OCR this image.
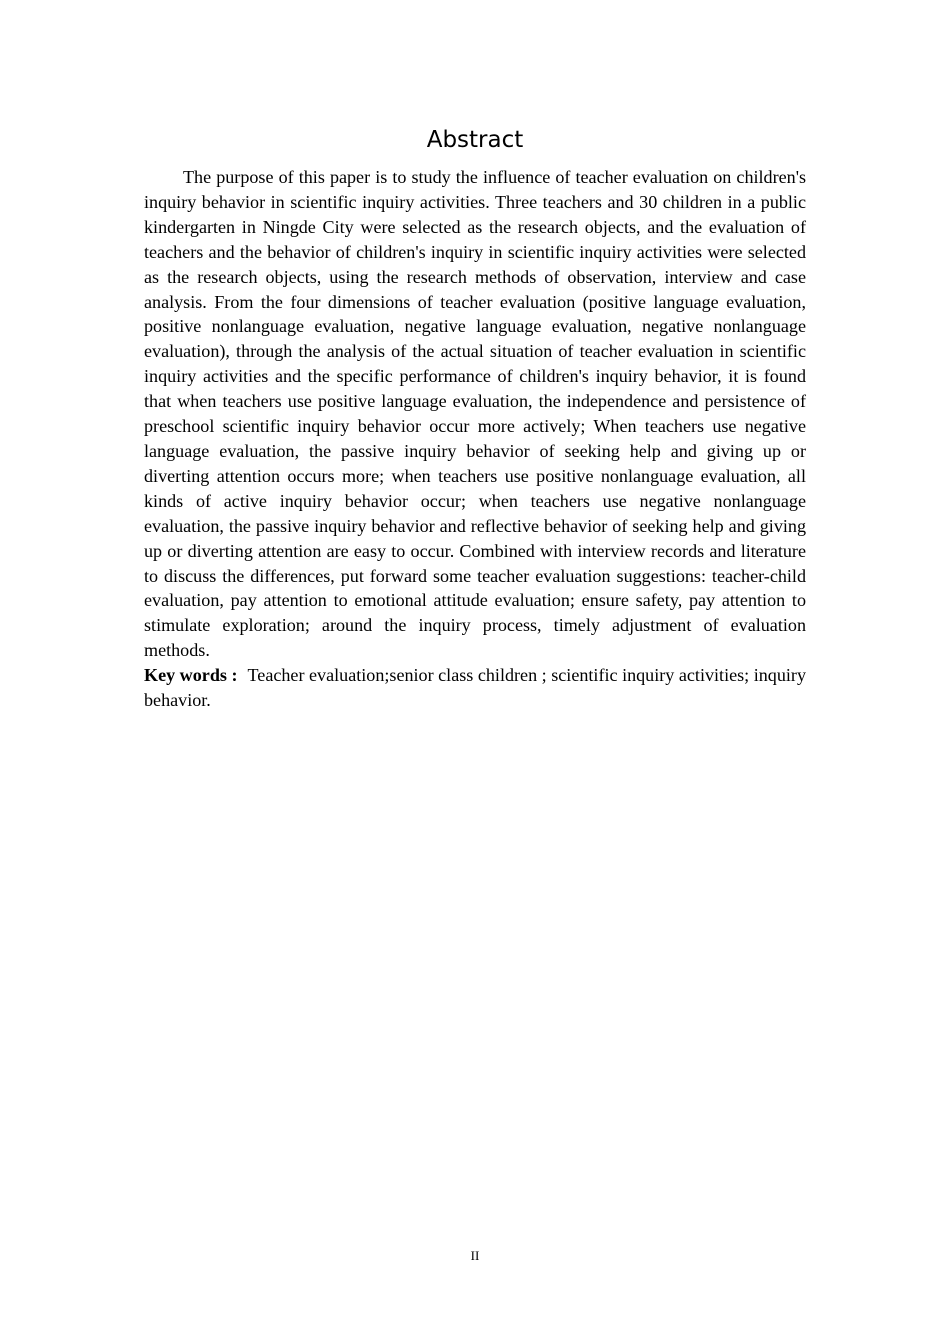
Abstract

The purpose of this paper is to study the influence of teacher evaluation on children's inquiry behavior in scientific inquiry activities. Three teachers and 30 children in a public kindergarten in Ningde City were selected as the research objects, and the evaluation of teachers and the behavior of children's inquiry in scientific inquiry activities were selected as the research objects, using the research methods of observation, interview and case analysis. From the four dimensions of teacher evaluation (positive language evaluation, positive nonlanguage evaluation, negative language evaluation, negative nonlanguage evaluation), through the analysis of the actual situation of teacher evaluation in scientific inquiry activities and the specific performance of children's inquiry behavior, it is found that when teachers use positive language evaluation, the independence and persistence of preschool scientific inquiry behavior occur more actively; When teachers use negative language evaluation, the passive inquiry behavior of seeking help and giving up or diverting attention occurs more; when teachers use positive nonlanguage evaluation, all kinds of active inquiry behavior occur; when teachers use negative nonlanguage evaluation, the passive inquiry behavior and reflective behavior of seeking help and giving up or diverting attention are easy to occur. Combined with interview records and literature to discuss the differences, put forward some teacher evaluation suggestions: teacher-child evaluation, pay attention to emotional attitude evaluation; ensure safety, pay attention to stimulate exploration; around the inquiry process, timely adjustment of evaluation methods.

Key words : Teacher evaluation;senior class children ; scientific inquiry activities; inquiry behavior.

II
